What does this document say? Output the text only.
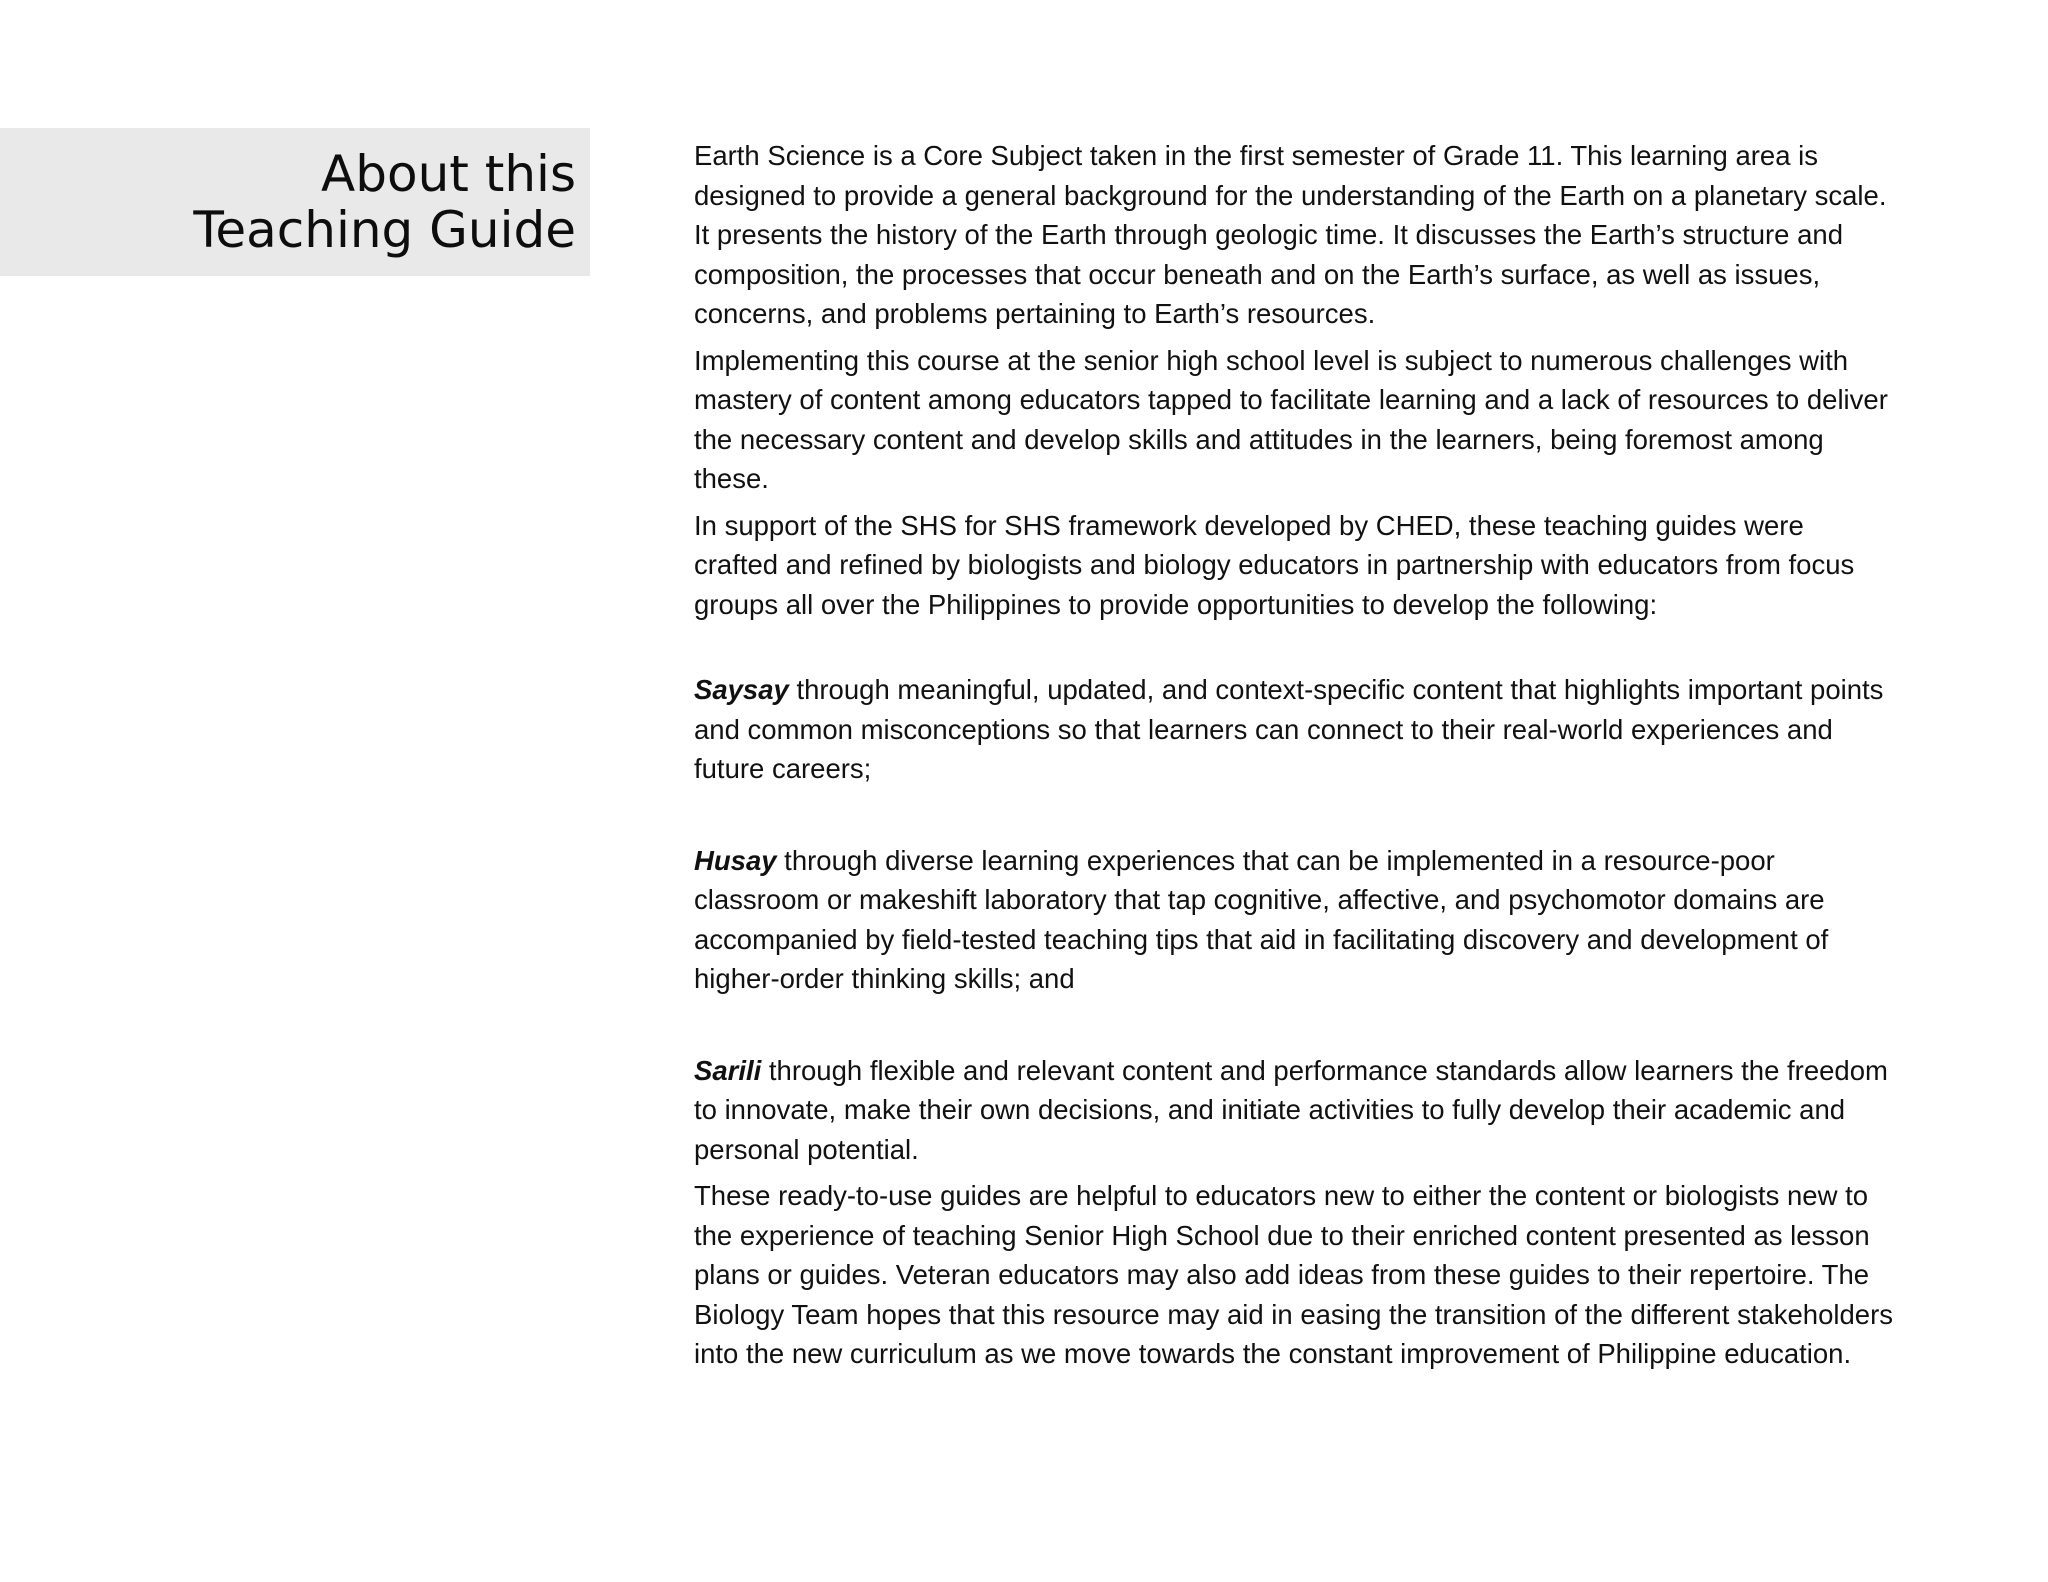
About this
Teaching Guide

Earth Science is a Core Subject taken in the first semester of Grade 11. This learning area is designed to provide a general background for the understanding of the Earth on a planetary scale. It presents the history of the Earth through geologic time. It discusses the Earth’s structure and composition, the processes that occur beneath and on the Earth’s surface, as well as issues, concerns, and problems pertaining to Earth’s resources.

Implementing this course at the senior high school level is subject to numerous challenges with mastery of content among educators tapped to facilitate learning and a lack of resources to deliver the necessary content and develop skills and attitudes in the learners, being foremost among these.

In support of the SHS for SHS framework developed by CHED, these teaching guides were crafted and refined by biologists and biology educators in partnership with educators from focus groups all over the Philippines to provide opportunities to develop the following:

Saysay through meaningful, updated, and context-specific content that highlights important points and common misconceptions so that learners can connect to their real-world experiences and future careers;

Husay through diverse learning experiences that can be implemented in a resource-poor classroom or makeshift laboratory that tap cognitive, affective, and psychomotor domains are accompanied by field-tested teaching tips that aid in facilitating discovery and development of higher-order thinking skills; and

Sarili through flexible and relevant content and performance standards allow learners the freedom to innovate, make their own decisions, and initiate activities to fully develop their academic and personal potential.

These ready-to-use guides are helpful to educators new to either the content or biologists new to the experience of teaching Senior High School due to their enriched content presented as lesson plans or guides. Veteran educators may also add ideas from these guides to their repertoire. The Biology Team hopes that this resource may aid in easing the transition of the different stakeholders into the new curriculum as we move towards the constant improvement of Philippine education.
